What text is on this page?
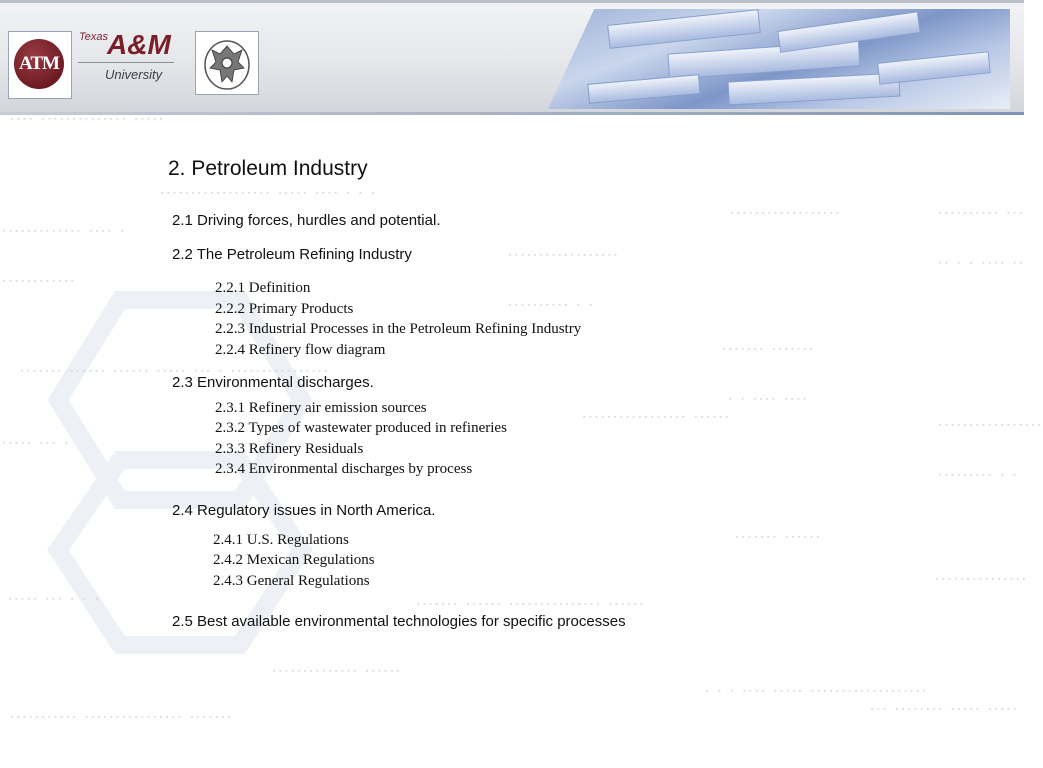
ATM
Texas A&M
University
▪▪▪▪ ▪▪▪▪▪▪▪▪▪▪▪▪▪▪ ▪▪▪▪▪
▪▪▪▪▪▪▪▪▪▪▪▪▪▪▪▪▪▪ ▪▪▪▪▪ ▪▪▪▪ ▪ ▪ ▪
▪▪▪▪▪▪▪▪▪▪▪▪▪ ▪▪▪▪ ▪
▪▪▪▪▪▪▪▪▪▪▪▪▪▪▪▪▪▪	▪▪▪▪▪▪▪▪▪▪ ▪▪▪
▪▪▪▪▪▪▪▪▪▪▪▪▪▪▪▪▪▪
▪▪ ▪ ▪ ▪▪▪▪ ▪▪
▪▪▪▪▪▪▪▪▪▪▪▪
▪▪▪▪▪▪▪▪▪▪ ▪ ▪
▪▪▪▪▪▪▪ ▪▪▪▪▪▪ ▪▪▪▪▪▪ ▪▪▪▪▪ ▪▪▪ ▪ ▪▪▪▪▪▪▪▪▪▪▪▪▪▪▪▪
▪▪▪▪▪▪▪ ▪▪▪▪▪▪▪
▪ ▪ ▪▪▪▪ ▪▪▪▪
▪▪▪▪▪▪▪▪▪▪▪▪▪▪▪▪▪ ▪▪▪▪▪▪
▪▪▪▪▪▪▪▪▪▪▪▪▪▪▪▪▪
▪▪▪▪▪ ▪▪▪ ▪
▪▪▪▪▪▪▪▪▪ ▪ ▪
▪▪▪▪▪▪▪ ▪▪▪▪▪▪
▪▪▪▪▪▪▪▪▪▪▪▪▪▪▪
▪▪▪▪▪ ▪▪▪ ▪ ▪ ▪
▪▪▪▪▪▪▪ ▪▪▪▪▪▪ ▪▪▪▪▪▪▪▪▪▪▪▪▪▪▪ ▪▪▪▪▪▪
▪▪▪▪▪▪▪▪▪▪▪▪▪▪ ▪▪▪▪▪▪
▪ ▪ ▪ ▪▪▪▪ ▪▪▪▪▪ ▪▪▪▪▪▪▪▪▪▪▪▪▪▪▪▪▪▪▪
▪▪▪ ▪▪▪▪▪▪▪▪ ▪▪▪▪▪ ▪▪▪▪▪
▪▪▪▪▪▪▪▪▪▪▪ ▪▪▪▪▪▪▪▪▪▪▪▪▪▪▪▪ ▪▪▪▪▪▪▪
2. Petroleum Industry
2.1 Driving forces, hurdles and potential.
2.2 The Petroleum Refining Industry
2.2.1 Definition
2.2.2 Primary Products
2.2.3 Industrial Processes in the Petroleum Refining Industry
2.2.4 Refinery flow diagram
2.3 Environmental discharges.
2.3.1 Refinery air emission sources
2.3.2 Types of wastewater produced in refineries
2.3.3 Refinery Residuals
2.3.4 Environmental discharges by process
2.4 Regulatory issues in North America.
2.4.1 U.S. Regulations
2.4.2 Mexican Regulations
2.4.3 General Regulations
2.5 Best available environmental technologies for specific processes
